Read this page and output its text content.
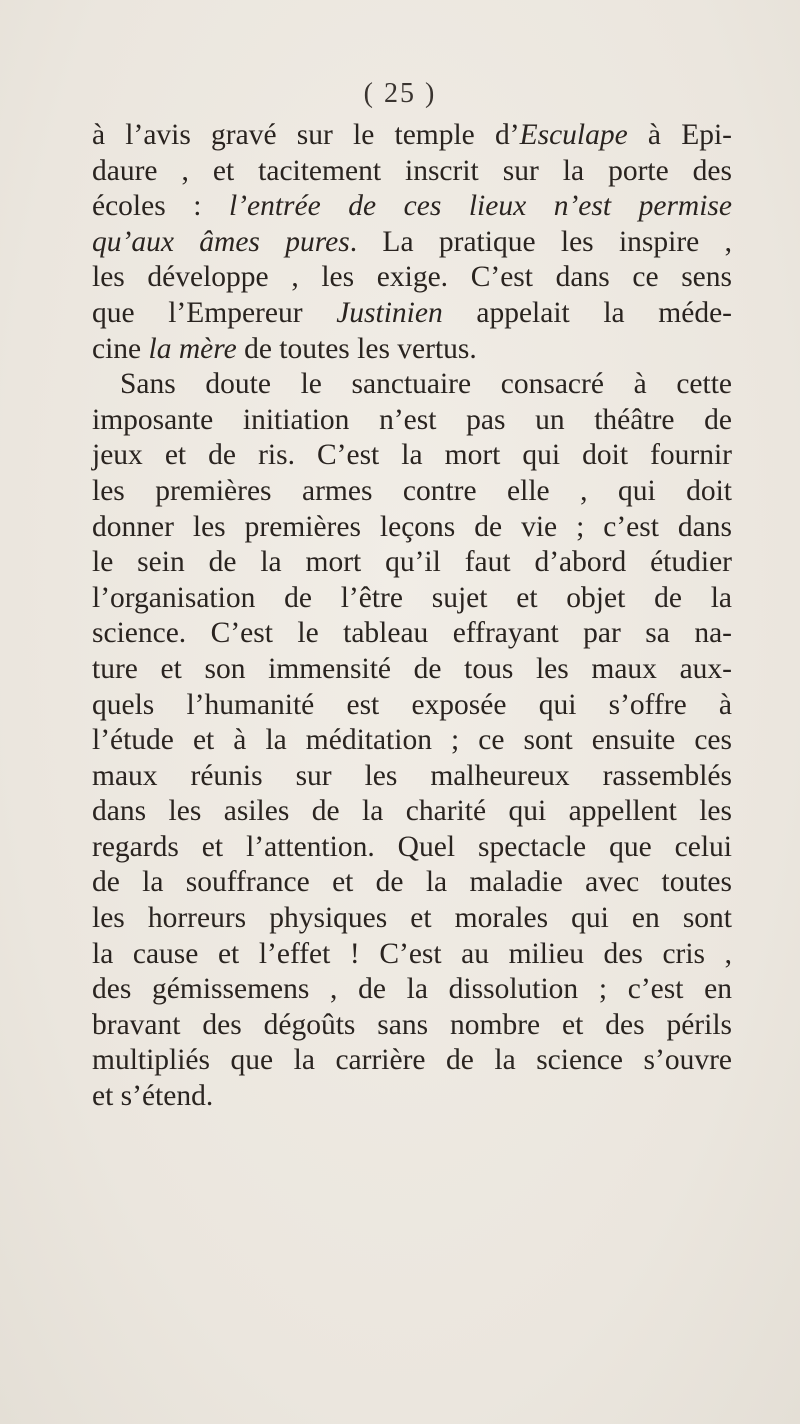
( 25 )
à l’avis gravé sur le temple d’Esculape à Epi-
daure , et tacitement inscrit sur la porte des
écoles : l’entrée de ces lieux n’est permise
qu’aux âmes pures. La pratique les inspire ,
les développe , les exige. C’est dans ce sens
que l’Empereur Justinien appelait la méde-
cine la mère de toutes les vertus.
Sans doute le sanctuaire consacré à cette
imposante initiation n’est pas un théâtre de
jeux et de ris. C’est la mort qui doit fournir
les premières armes contre elle , qui doit
donner les premières leçons de vie ; c’est dans
le sein de la mort qu’il faut d’abord étudier
l’organisation de l’être sujet et objet de la
science. C’est le tableau effrayant par sa na-
ture et son immensité de tous les maux aux-
quels l’humanité est exposée qui s’offre à
l’étude et à la méditation ; ce sont ensuite ces
maux réunis sur les malheureux rassemblés
dans les asiles de la charité qui appellent les
regards et l’attention. Quel spectacle que celui
de la souffrance et de la maladie avec toutes
les horreurs physiques et morales qui en sont
la cause et l’effet ! C’est au milieu des cris ,
des gémissemens , de la dissolution ; c’est en
bravant des dégoûts sans nombre et des périls
multipliés que la carrière de la science s’ouvre
et s’étend.
